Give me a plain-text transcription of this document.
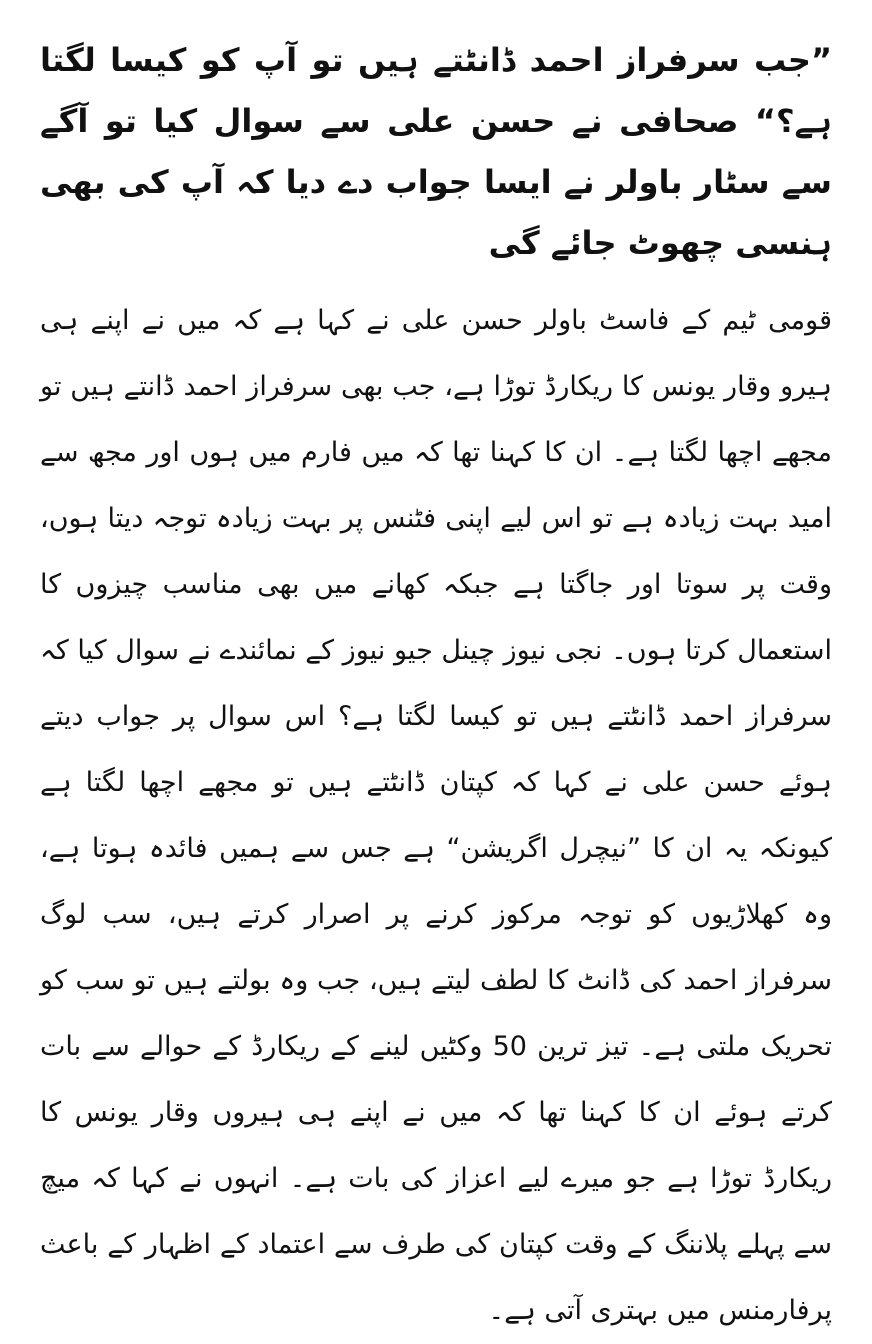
”جب سرفراز احمد ڈانٹتے ہیں تو آپ کو کیسا لگتا ہے؟“ صحافی نے حسن علی سے سوال کیا تو آگے سے سٹار باولر نے ایسا جواب دے دیا کہ آپ کی بھی ہنسی چھوٹ جائے گی

قومی ٹیم کے فاسٹ باولر حسن علی نے کہا ہے کہ میں نے اپنے ہی ہیرو وقار یونس کا ریکارڈ توڑا ہے، جب بھی سرفراز احمد ڈانتے ہیں تو مجھے اچھا لگتا ہے۔ ان کا کہنا تھا کہ میں فارم میں ہوں اور مجھ سے امید بہت زیادہ ہے تو اس لیے اپنی فٹنس پر بہت زیادہ توجہ دیتا ہوں، وقت پر سوتا اور جاگتا ہے جبکہ کھانے میں بھی مناسب چیزوں کا استعمال کرتا ہوں۔ نجی نیوز چینل جیو نیوز کے نمائندے نے سوال کیا کہ سرفراز احمد ڈانٹتے ہیں تو کیسا لگتا ہے؟ اس سوال پر جواب دیتے ہوئے حسن علی نے کہا کہ کپتان ڈانٹتے ہیں تو مجھے اچھا لگتا ہے کیونکہ یہ ان کا ”نیچرل اگریشن“ ہے جس سے ہمیں فائدہ ہوتا ہے، وہ کھلاڑیوں کو توجہ مرکوز کرنے پر اصرار کرتے ہیں، سب لوگ سرفراز احمد کی ڈانٹ کا لطف لیتے ہیں، جب وہ بولتے ہیں تو سب کو تحریک ملتی ہے۔ تیز ترین 50 وکٹیں لینے کے ریکارڈ کے حوالے سے بات کرتے ہوئے ان کا کہنا تھا کہ میں نے اپنے ہی ہیروں وقار یونس کا ریکارڈ توڑا ہے جو میرے لیے اعزاز کی بات ہے۔ انہوں نے کہا کہ میچ سے پہلے پلاننگ کے وقت کپتان کی طرف سے اعتماد کے اظہار کے باعث پرفارمنس میں بہتری آتی ہے۔
